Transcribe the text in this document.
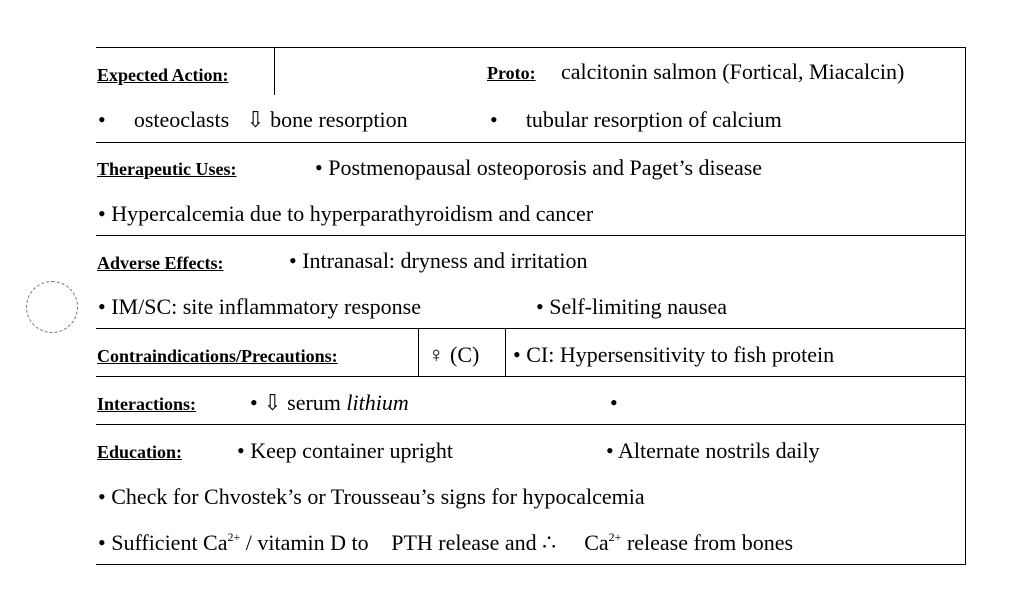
Expected Action:	Proto: calcitonin salmon (Fortical, Miacalcin)
• osteoclasts ⇩ bone resorption	• tubular resorption of calcium
Therapeutic Uses:	• Postmenopausal osteoporosis and Paget’s disease
• Hypercalcemia due to hyperparathyroidism and cancer
Adverse Effects:	• Intranasal: dryness and irritation
• IM/SC: site inflammatory response	• Self-limiting nausea
Contraindications/Precautions:	♀ (C) • CI: Hypersensitivity to fish protein
Interactions: • ⇩ serum lithium	•
Education: • Keep container upright	• Alternate nostrils daily
• Check for Chvostek’s or Trousseau’s signs for hypocalcemia
• Sufficient $Ca^{2+}$ / vitamin D to PTH release and ∴ $Ca^{2+}$ release from bones
